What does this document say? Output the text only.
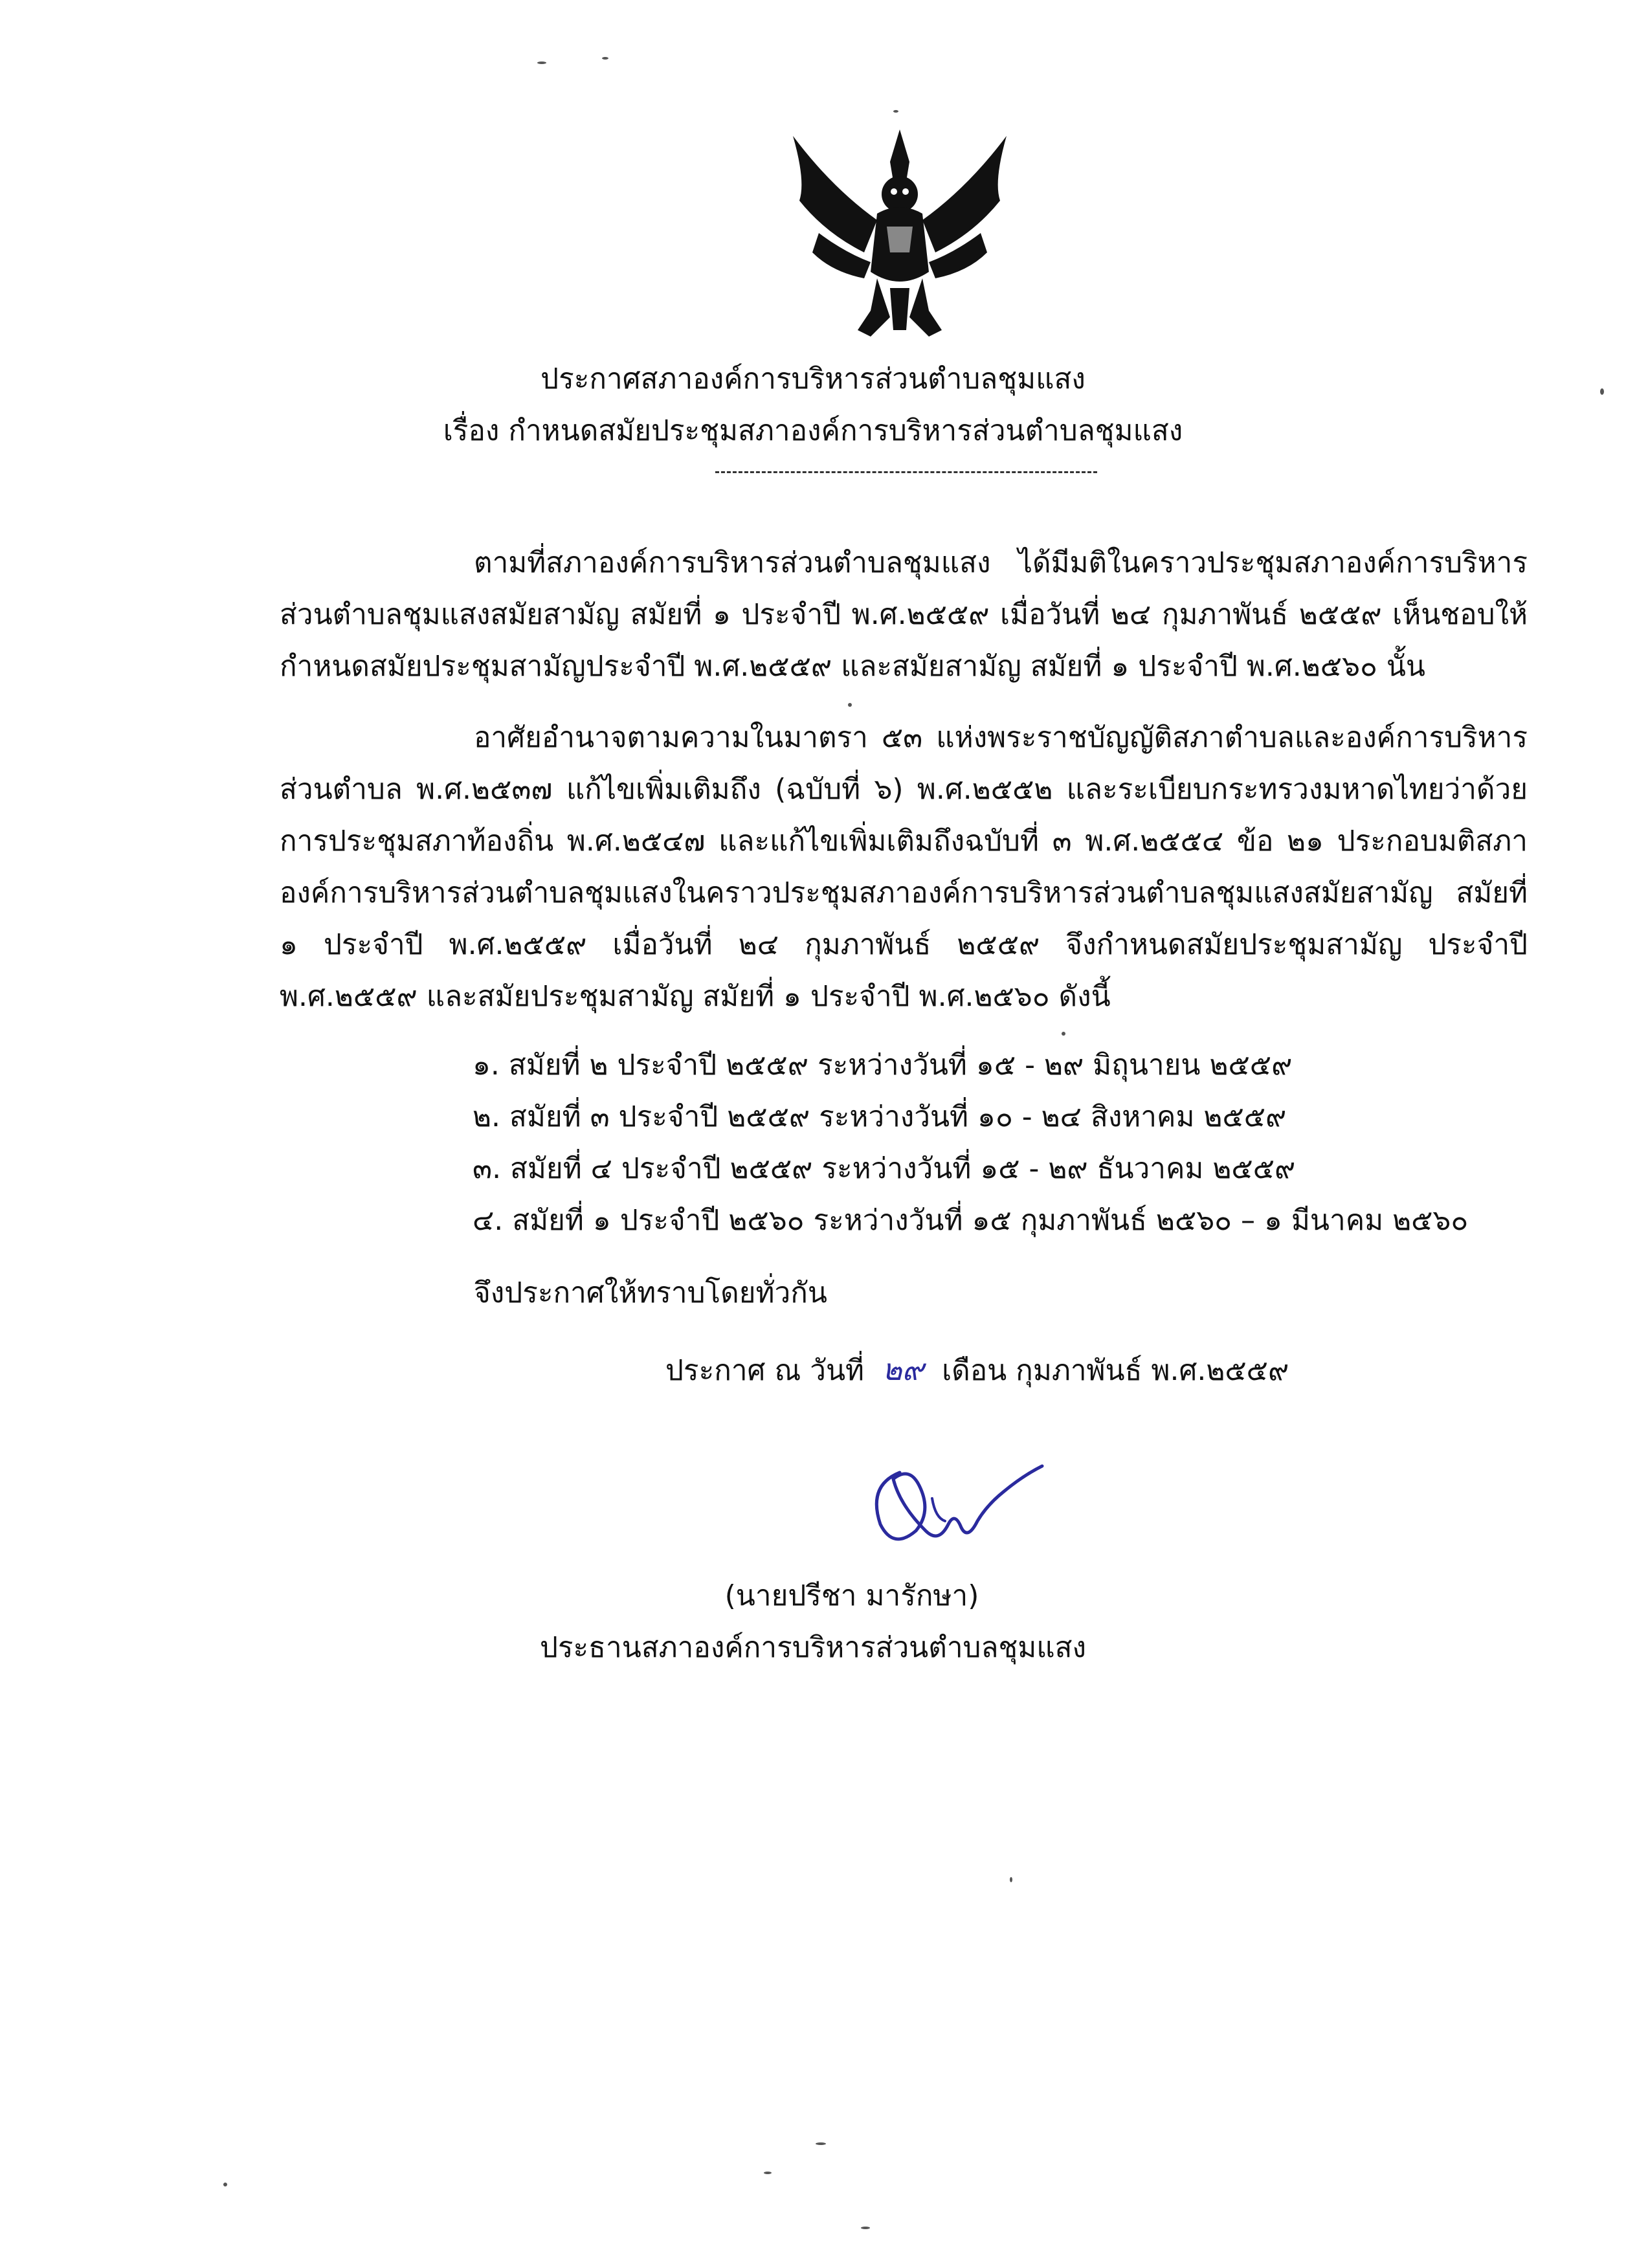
ประกาศสภาองค์การบริหารส่วนตำบลชุมแสง
เรื่อง กำหนดสมัยประชุมสภาองค์การบริหารส่วนตำบลชุมแสง

ตามที่สภาองค์การบริหารส่วนตำบลชุมแสง ได้มีมติในคราวประชุมสภาองค์การบริหารส่วนตำบลชุมแสงสมัยสามัญ สมัยที่ ๑ ประจำปี พ.ศ.๒๕๕๙ เมื่อวันที่ ๒๔ กุมภาพันธ์ ๒๕๕๙ เห็นชอบให้กำหนดสมัยประชุมสามัญประจำปี พ.ศ.๒๕๕๙ และสมัยสามัญ สมัยที่ ๑ ประจำปี พ.ศ.๒๕๖๐ นั้น

อาศัยอำนาจตามความในมาตรา ๕๓ แห่งพระราชบัญญัติสภาตำบลและองค์การบริหารส่วนตำบล พ.ศ.๒๕๓๗ แก้ไขเพิ่มเติมถึง (ฉบับที่ ๖) พ.ศ.๒๕๕๒ และระเบียบกระทรวงมหาดไทยว่าด้วยการประชุมสภาท้องถิ่น พ.ศ.๒๕๔๗ และแก้ไขเพิ่มเติมถึงฉบับที่ ๓ พ.ศ.๒๕๕๔ ข้อ ๒๑ ประกอบมติสภาองค์การบริหารส่วนตำบลชุมแสงในคราวประชุมสภาองค์การบริหารส่วนตำบลชุมแสงสมัยสามัญ สมัยที่ ๑ ประจำปี พ.ศ.๒๕๕๙ เมื่อวันที่ ๒๔ กุมภาพันธ์ ๒๕๕๙ จึงกำหนดสมัยประชุมสามัญ ประจำปี พ.ศ.๒๕๕๙ และสมัยประชุมสามัญ สมัยที่ ๑ ประจำปี พ.ศ.๒๕๖๐ ดังนี้

๑. สมัยที่ ๒ ประจำปี ๒๕๕๙ ระหว่างวันที่ ๑๕ - ๒๙ มิถุนายน ๒๕๕๙
๒. สมัยที่ ๓ ประจำปี ๒๕๕๙ ระหว่างวันที่ ๑๐ - ๒๔ สิงหาคม ๒๕๕๙
๓. สมัยที่ ๔ ประจำปี ๒๕๕๙ ระหว่างวันที่ ๑๕ - ๒๙ ธันวาคม ๒๕๕๙
๔. สมัยที่ ๑ ประจำปี ๒๕๖๐ ระหว่างวันที่ ๑๕ กุมภาพันธ์ ๒๕๖๐ – ๑ มีนาคม ๒๕๖๐
จึงประกาศให้ทราบโดยทั่วกัน
ประกาศ ณ วันที่ ๒๙ เดือน กุมภาพันธ์ พ.ศ.๒๕๕๙
(นายปรีชา มารักษา)
ประธานสภาองค์การบริหารส่วนตำบลชุมแสง
